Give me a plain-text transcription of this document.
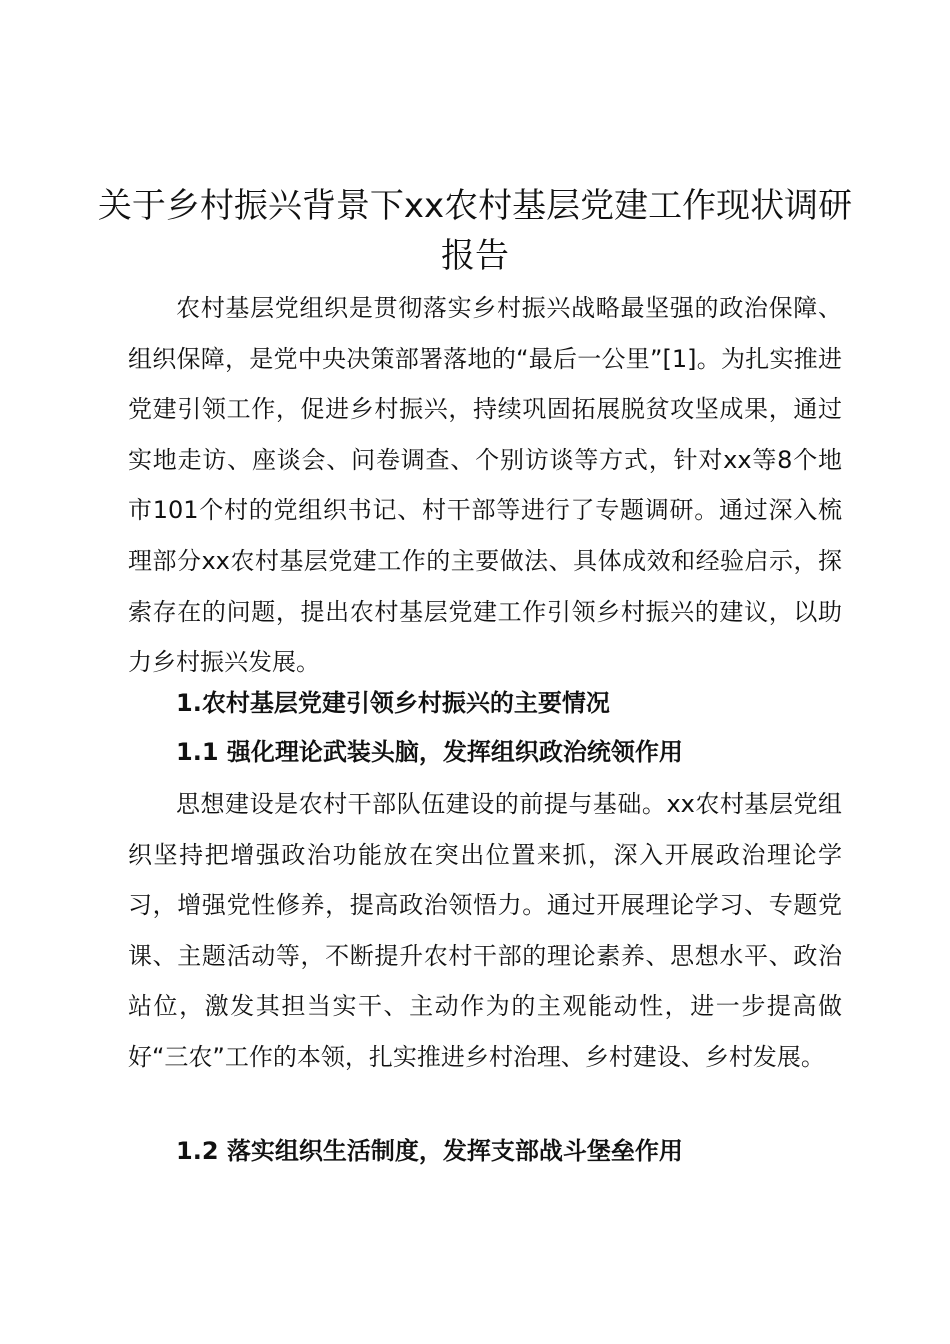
关于乡村振兴背景下xx农村基层党建工作现状调研报告

农村基层党组织是贯彻落实乡村振兴战略最坚强的政治保障、组织保障，是党中央决策部署落地的“最后一公里”[1]。为扎实推进党建引领工作，促进乡村振兴，持续巩固拓展脱贫攻坚成果，通过实地走访、座谈会、问卷调查、个别访谈等方式，针对xx等8个地市101个村的党组织书记、村干部等进行了专题调研。通过深入梳理部分xx农村基层党建工作的主要做法、具体成效和经验启示，探索存在的问题，提出农村基层党建工作引领乡村振兴的建议，以助力乡村振兴发展。

1.农村基层党建引领乡村振兴的主要情况
1.1 强化理论武装头脑，发挥组织政治统领作用

思想建设是农村干部队伍建设的前提与基础。xx农村基层党组织坚持把增强政治功能放在突出位置来抓，深入开展政治理论学习，增强党性修养，提高政治领悟力。通过开展理论学习、专题党课、主题活动等，不断提升农村干部的理论素养、思想水平、政治站位，激发其担当实干、主动作为的主观能动性，进一步提高做好“三农”工作的本领，扎实推进乡村治理、乡村建设、乡村发展。

1.2 落实组织生活制度，发挥支部战斗堡垒作用
